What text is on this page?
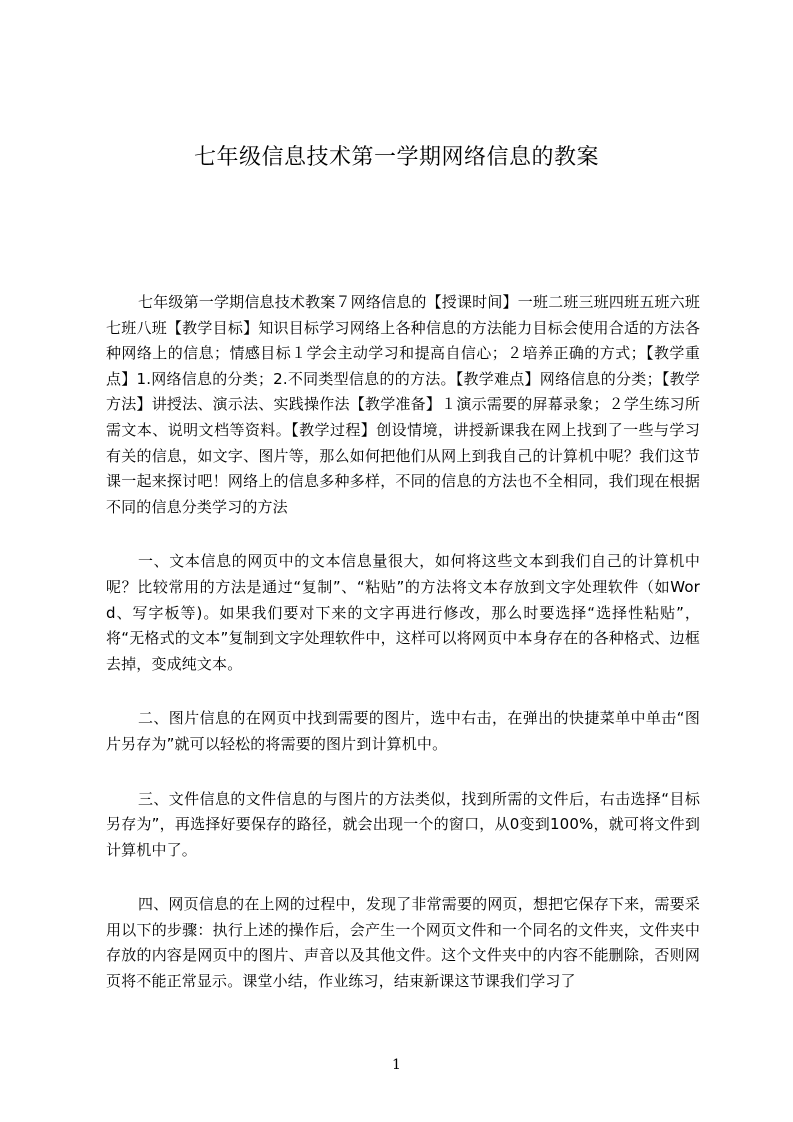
七年级信息技术第一学期网络信息的教案

七年级第一学期信息技术教案７网络信息的【授课时间】一班二班三班四班五班六班七班八班【教学目标】知识目标学习网络上各种信息的方法能力目标会使用合适的方法各种网络上的信息；情感目标１学会主动学习和提高自信心；２培养正确的方式；【教学重点】1.网络信息的分类；2.不同类型信息的的方法。【教学难点】网络信息的分类；【教学方法】讲授法、演示法、实践操作法【教学准备】１演示需要的屏幕录象；２学生练习所需文本、说明文档等资料。【教学过程】创设情境，讲授新课我在网上找到了一些与学习有关的信息，如文字、图片等，那么如何把他们从网上到我自己的计算机中呢？我们这节课一起来探讨吧！网络上的信息多种多样，不同的信息的方法也不全相同，我们现在根据不同的信息分类学习的方法

一、文本信息的网页中的文本信息量很大，如何将这些文本到我们自己的计算机中呢？比较常用的方法是通过“复制”、“粘贴”的方法将文本存放到文字处理软件（如Word、写字板等)。如果我们要对下来的文字再进行修改，那么时要选择“选择性粘贴”，将“无格式的文本”复制到文字处理软件中，这样可以将网页中本身存在的各种格式、边框去掉，变成纯文本。

二、图片信息的在网页中找到需要的图片，选中右击，在弹出的快捷菜单中单击“图片另存为”就可以轻松的将需要的图片到计算机中。

三、文件信息的文件信息的与图片的方法类似，找到所需的文件后，右击选择“目标另存为”，再选择好要保存的路径，就会出现一个的窗口，从0变到100%，就可将文件到计算机中了。

四、网页信息的在上网的过程中，发现了非常需要的网页，想把它保存下来，需要采用以下的步骤：执行上述的操作后，会产生一个网页文件和一个同名的文件夹，文件夹中存放的内容是网页中的图片、声音以及其他文件。这个文件夹中的内容不能删除，否则网页将不能正常显示。课堂小结，作业练习，结束新课这节课我们学习了

1
